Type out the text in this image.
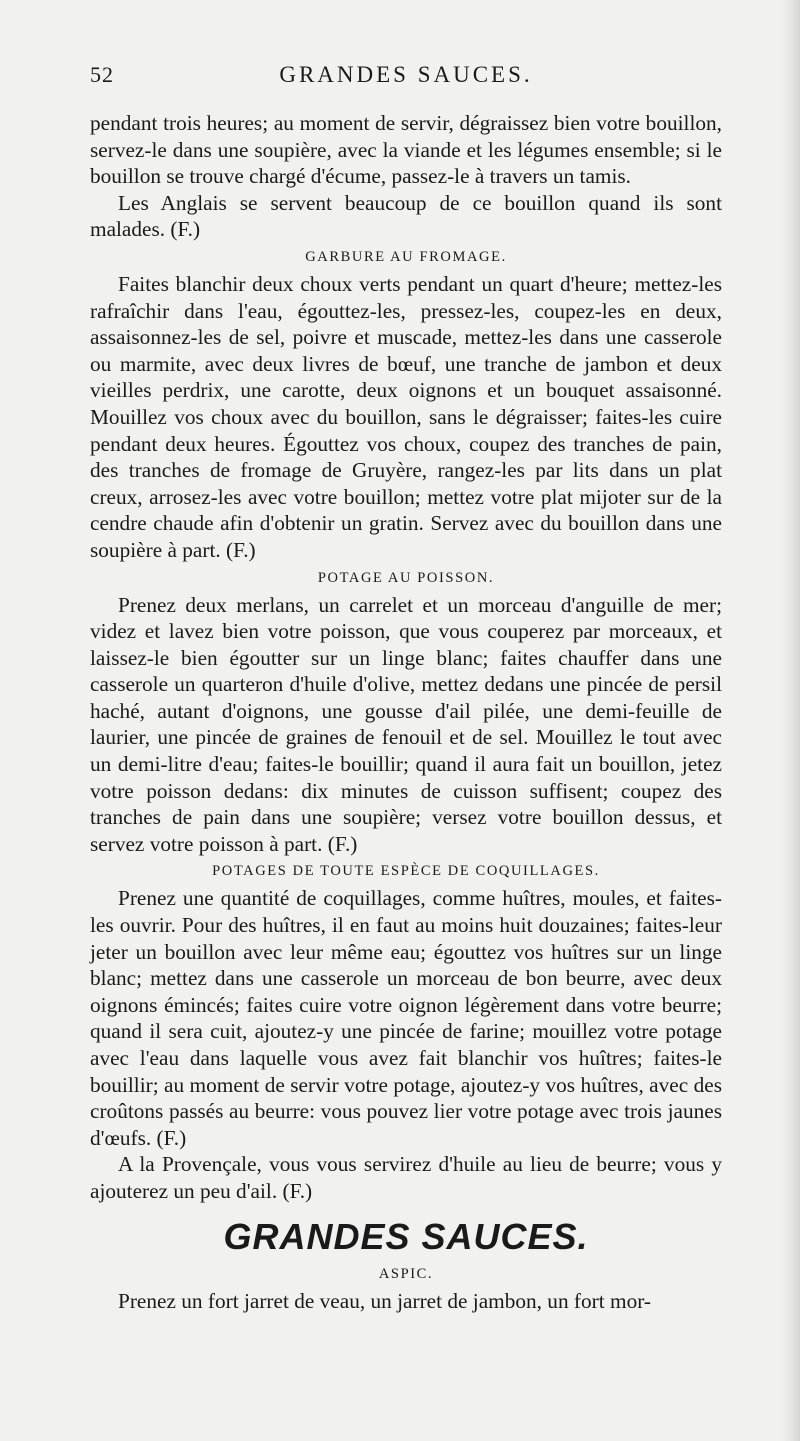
52	GRANDES SAUCES.

pendant trois heures; au moment de servir, dégraissez bien votre bouillon, servez-le dans une soupière, avec la viande et les légumes ensemble; si le bouillon se trouve chargé d'écume, passez-le à travers un tamis.

Les Anglais se servent beaucoup de ce bouillon quand ils sont malades. (F.)

GARBURE AU FROMAGE.

Faites blanchir deux choux verts pendant un quart d'heure; mettez-les rafraîchir dans l'eau, égouttez-les, pressez-les, coupez-les en deux, assaisonnez-les de sel, poivre et muscade, mettez-les dans une casserole ou marmite, avec deux livres de bœuf, une tranche de jambon et deux vieilles perdrix, une carotte, deux oignons et un bouquet assaisonné. Mouillez vos choux avec du bouillon, sans le dégraisser; faites-les cuire pendant deux heures. Égouttez vos choux, coupez des tranches de pain, des tranches de fromage de Gruyère, rangez-les par lits dans un plat creux, arrosez-les avec votre bouillon; mettez votre plat mijoter sur de la cendre chaude afin d'obtenir un gratin. Servez avec du bouillon dans une soupière à part. (F.)

POTAGE AU POISSON.

Prenez deux merlans, un carrelet et un morceau d'anguille de mer; videz et lavez bien votre poisson, que vous couperez par morceaux, et laissez-le bien égoutter sur un linge blanc; faites chauffer dans une casserole un quarteron d'huile d'olive, mettez dedans une pincée de persil haché, autant d'oignons, une gousse d'ail pilée, une demi-feuille de laurier, une pincée de graines de fenouil et de sel. Mouillez le tout avec un demi-litre d'eau; faites-le bouillir; quand il aura fait un bouillon, jetez votre poisson dedans: dix minutes de cuisson suffisent; coupez des tranches de pain dans une soupière; versez votre bouillon dessus, et servez votre poisson à part. (F.)

POTAGES DE TOUTE ESPÈCE DE COQUILLAGES.

Prenez une quantité de coquillages, comme huîtres, moules, et faites-les ouvrir. Pour des huîtres, il en faut au moins huit douzaines; faites-leur jeter un bouillon avec leur même eau; égouttez vos huîtres sur un linge blanc; mettez dans une casserole un morceau de bon beurre, avec deux oignons émincés; faites cuire votre oignon légèrement dans votre beurre; quand il sera cuit, ajoutez-y une pincée de farine; mouillez votre potage avec l'eau dans laquelle vous avez fait blanchir vos huîtres; faites-le bouillir; au moment de servir votre potage, ajoutez-y vos huîtres, avec des croûtons passés au beurre: vous pouvez lier votre potage avec trois jaunes d'œufs. (F.)

A la Provençale, vous vous servirez d'huile au lieu de beurre; vous y ajouterez un peu d'ail. (F.)

GRANDES SAUCES.
ASPIC.

Prenez un fort jarret de veau, un jarret de jambon, un fort mor-
